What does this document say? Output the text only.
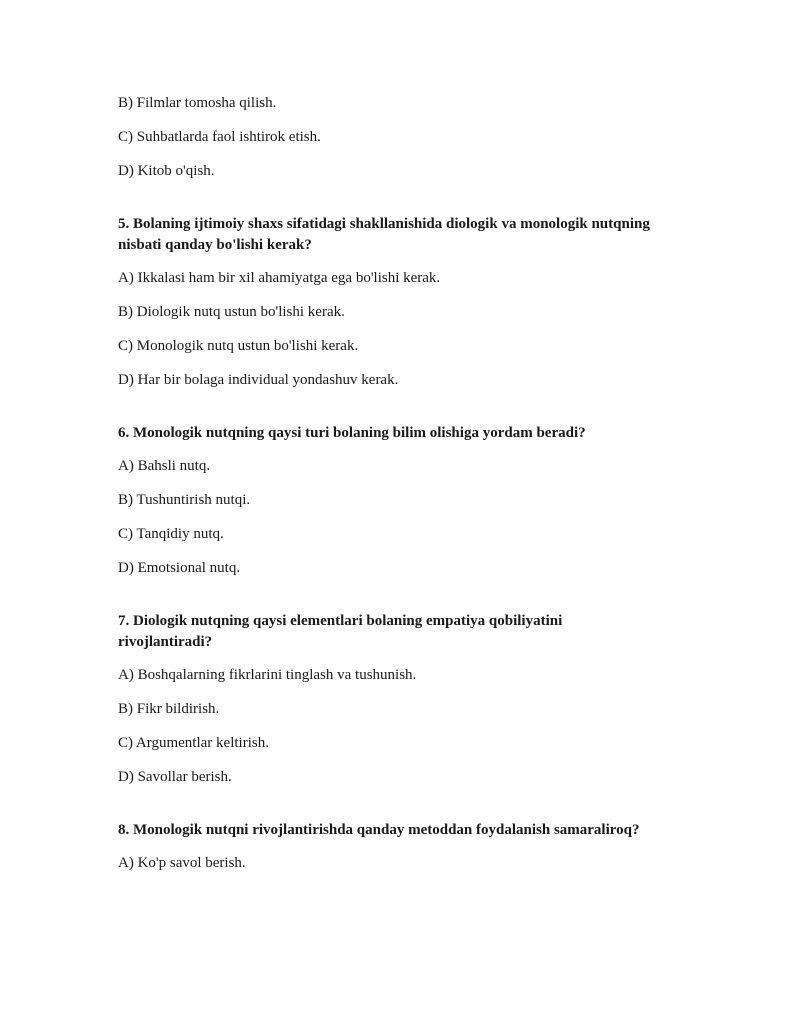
B) Filmlar tomosha qilish.
C) Suhbatlarda faol ishtirok etish.
D) Kitob o'qish.
5. Bolaning ijtimoiy shaxs sifatidagi shakllanishida diologik va monologik nutqning nisbati qanday bo'lishi kerak?
A) Ikkalasi ham bir xil ahamiyatga ega bo'lishi kerak.
B) Diologik nutq ustun bo'lishi kerak.
C) Monologik nutq ustun bo'lishi kerak.
D) Har bir bolaga individual yondashuv kerak.
6. Monologik nutqning qaysi turi bolaning bilim olishiga yordam beradi?
A) Bahsli nutq.
B) Tushuntirish nutqi.
C) Tanqidiy nutq.
D) Emotsional nutq.
7. Diologik nutqning qaysi elementlari bolaning empatiya qobiliyatini rivojlantiradi?
A) Boshqalarning fikrlarini tinglash va tushunish.
B) Fikr bildirish.
C) Argumentlar keltirish.
D) Savollar berish.
8. Monologik nutqni rivojlantirishda qanday metoddan foydalanish samaraliroq?
A) Ko'p savol berish.
